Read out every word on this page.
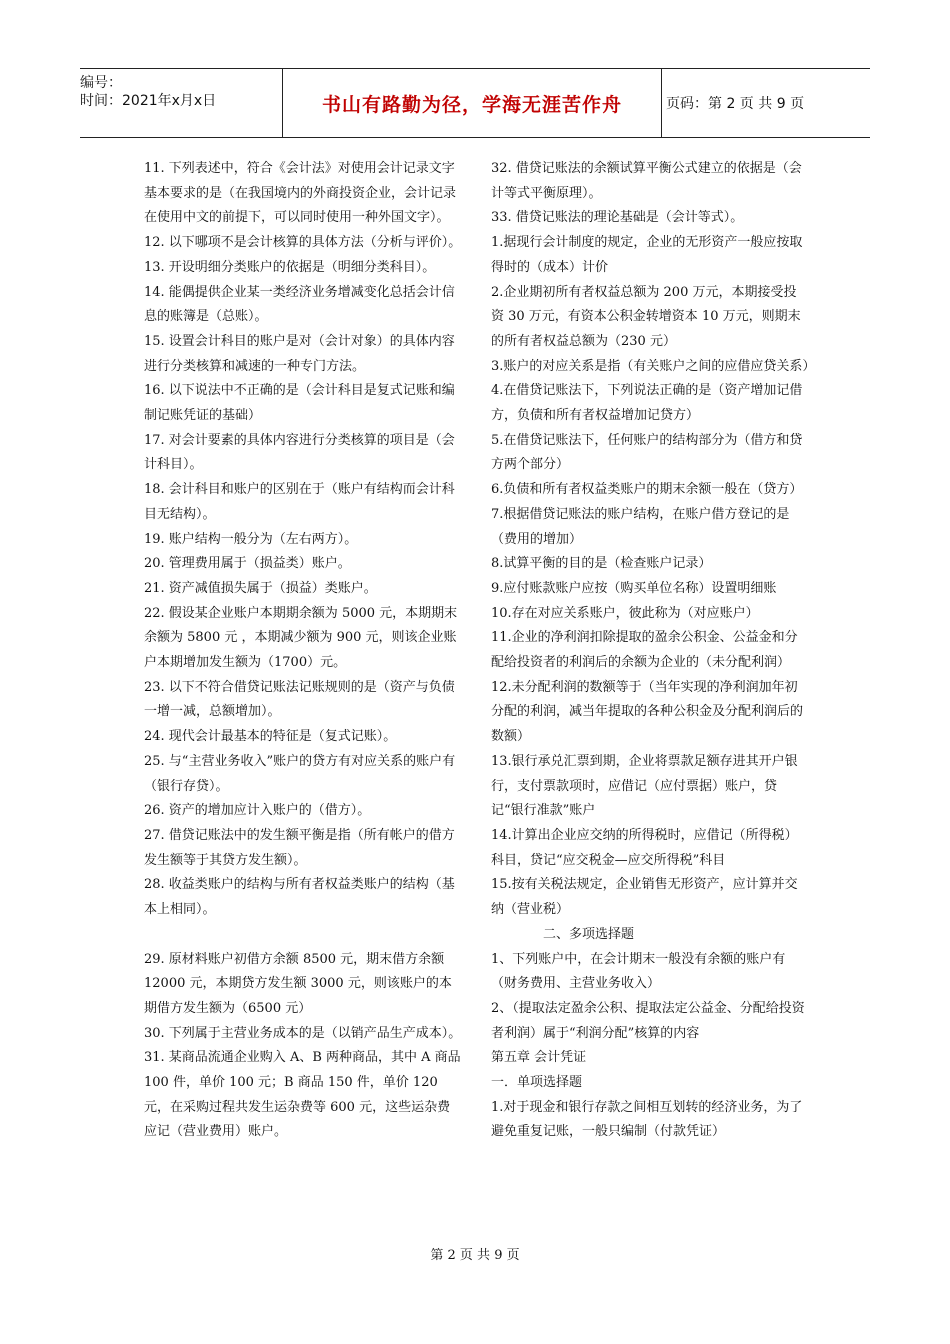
编号：
时间：2021年x月x日	书山有路勤为径，学海无涯苦作舟	页码：第 2 页 共 9 页

11. 下列表述中，符合《会计法》对使用会计记录文字基本要求的是（在我国境内的外商投资企业，会计记录在使用中文的前提下，可以同时使用一种外国文字）。

12. 以下哪项不是会计核算的具体方法（分析与评价）。

13. 开设明细分类账户的依据是（明细分类科目）。

14. 能偶提供企业某一类经济业务增减变化总括会计信息的账簿是（总账）。

15. 设置会计科目的账户是对（会计对象）的具体内容进行分类核算和减速的一种专门方法。

16. 以下说法中不正确的是（会计科目是复式记账和编制记账凭证的基础）

17. 对会计要素的具体内容进行分类核算的项目是（会计科目）。

18. 会计科目和账户的区别在于（账户有结构而会计科目无结构）。

19. 账户结构一般分为（左右两方）。

20. 管理费用属于（损益类）账户。

21. 资产减值损失属于（损益）类账户。

22. 假设某企业账户本期期余额为 5000 元，本期期末余额为 5800 元 ，本期减少额为 900 元，则该企业账户本期增加发生额为（1700）元。

23. 以下不符合借贷记账法记账规则的是（资产与负债一增一减，总额增加）。

24. 现代会计最基本的特征是（复式记账）。

25. 与“主营业务收入”账户的贷方有对应关系的账户有（银行存贷）。

26. 资产的增加应计入账户的（借方）。

27. 借贷记账法中的发生额平衡是指（所有帐户的借方发生额等于其贷方发生额）。

28. 收益类账户的结构与所有者权益类账户的结构（基本上相同）。

29. 原材料账户初借方余额 8500 元，期末借方余额 12000 元，本期贷方发生额 3000 元，则该账户的本期借方发生额为（6500 元）

30. 下列属于主营业务成本的是（以销产品生产成本）。

31. 某商品流通企业购入 A、B 两种商品，其中 A 商品 100 件，单价 100 元；B 商品 150 件，单价 120 元，在采购过程共发生运杂费等 600 元，这些运杂费应记（营业费用）账户。

32. 借贷记账法的余额试算平衡公式建立的依据是（会计等式平衡原理）。

33. 借贷记账法的理论基础是（会计等式）。

1.据现行会计制度的规定，企业的无形资产一般应按取得时的（成本）计价

2.企业期初所有者权益总额为 200 万元，本期接受投资 30 万元，有资本公积金转增资本 10 万元，则期末的所有者权益总额为（230 元）

3.账户的对应关系是指（有关账户之间的应借应贷关系）

4.在借贷记账法下，下列说法正确的是（资产增加记借方，负债和所有者权益增加记贷方）

5.在借贷记账法下，任何账户的结构部分为（借方和贷方两个部分）

6.负债和所有者权益类账户的期末余额一般在（贷方）

7.根据借贷记账法的账户结构，在账户借方登记的是（费用的增加）

8.试算平衡的目的是（检查账户记录）

9.应付账款账户应按（购买单位名称）设置明细账

10.存在对应关系账户，彼此称为（对应账户）

11.企业的净利润扣除提取的盈余公积金、公益金和分配给投资者的利润后的余额为企业的（未分配利润）

12.未分配利润的数额等于（当年实现的净利润加年初分配的利润，减当年提取的各种公积金及分配利润后的数额）

13.银行承兑汇票到期，企业将票款足额存进其开户银行，支付票款项时，应借记（应付票据）账户，贷记“银行准款”账户

14.计算出企业应交纳的所得税时，应借记（所得税）科目，贷记“应交税金—应交所得税”科目

15.按有关税法规定，企业销售无形资产，应计算并交纳（营业税）

二、多项选择题

1、下列账户中，在会计期末一般没有余额的账户有（财务费用、主营业务收入）

2、（提取法定盈余公积、提取法定公益金、分配给投资者利润）属于“利润分配”核算的内容

第五章 会计凭证

一．单项选择题

1.对于现金和银行存款之间相互划转的经济业务，为了避免重复记账，一般只编制（付款凭证）

第 2 页 共 9 页
